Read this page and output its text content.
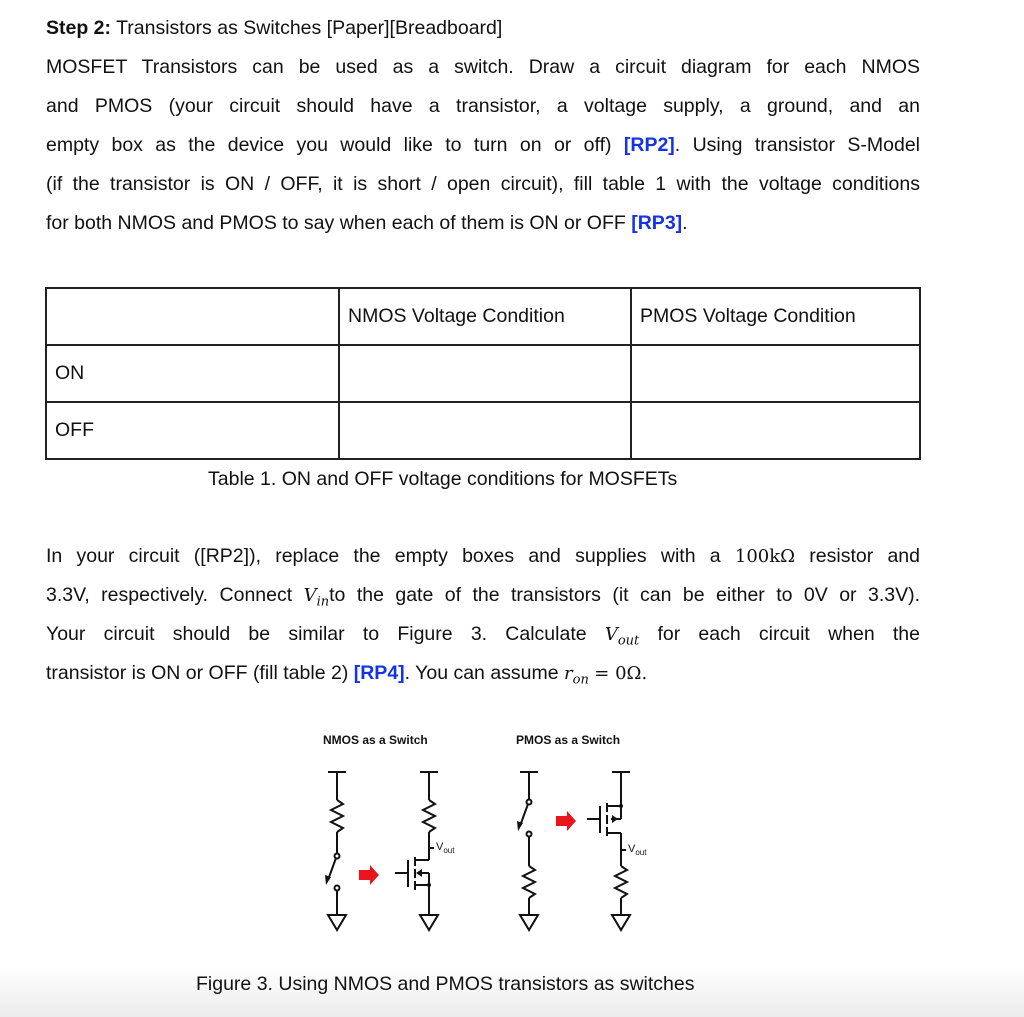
Step 2: Transistors as Switches [Paper][Breadboard]
MOSFET Transistors can be used as a switch. Draw a circuit diagram for each NMOS
and PMOS (your circuit should have a transistor, a voltage supply, a ground, and an
empty box as the device you would like to turn on or off) [RP2]. Using transistor S-Model
(if the transistor is ON / OFF, it is short / open circuit), fill table 1 with the voltage conditions
for both NMOS and PMOS to say when each of them is ON or OFF [RP3].
	NMOS Voltage Condition	PMOS Voltage Condition
ON		
OFF		
Table 1. ON and OFF voltage conditions for MOSFETs
In your circuit ([RP2]), replace the empty boxes and supplies with a 100kΩ resistor and
3.3V, respectively. Connect $V_{in}to$ the gate of the transistors (it can be either to 0V or 3.3V).
Your circuit should be similar to Figure 3. Calculate $V_{out}$ for each circuit when the
transistor is ON or OFF (fill table 2) [RP4]. You can assume $r_{on} = 0\Omega$.
NMOS as a Switch	PMOS as a Switch
$V_{out}$	$V_{out}$
Figure 3. Using NMOS and PMOS transistors as switches
